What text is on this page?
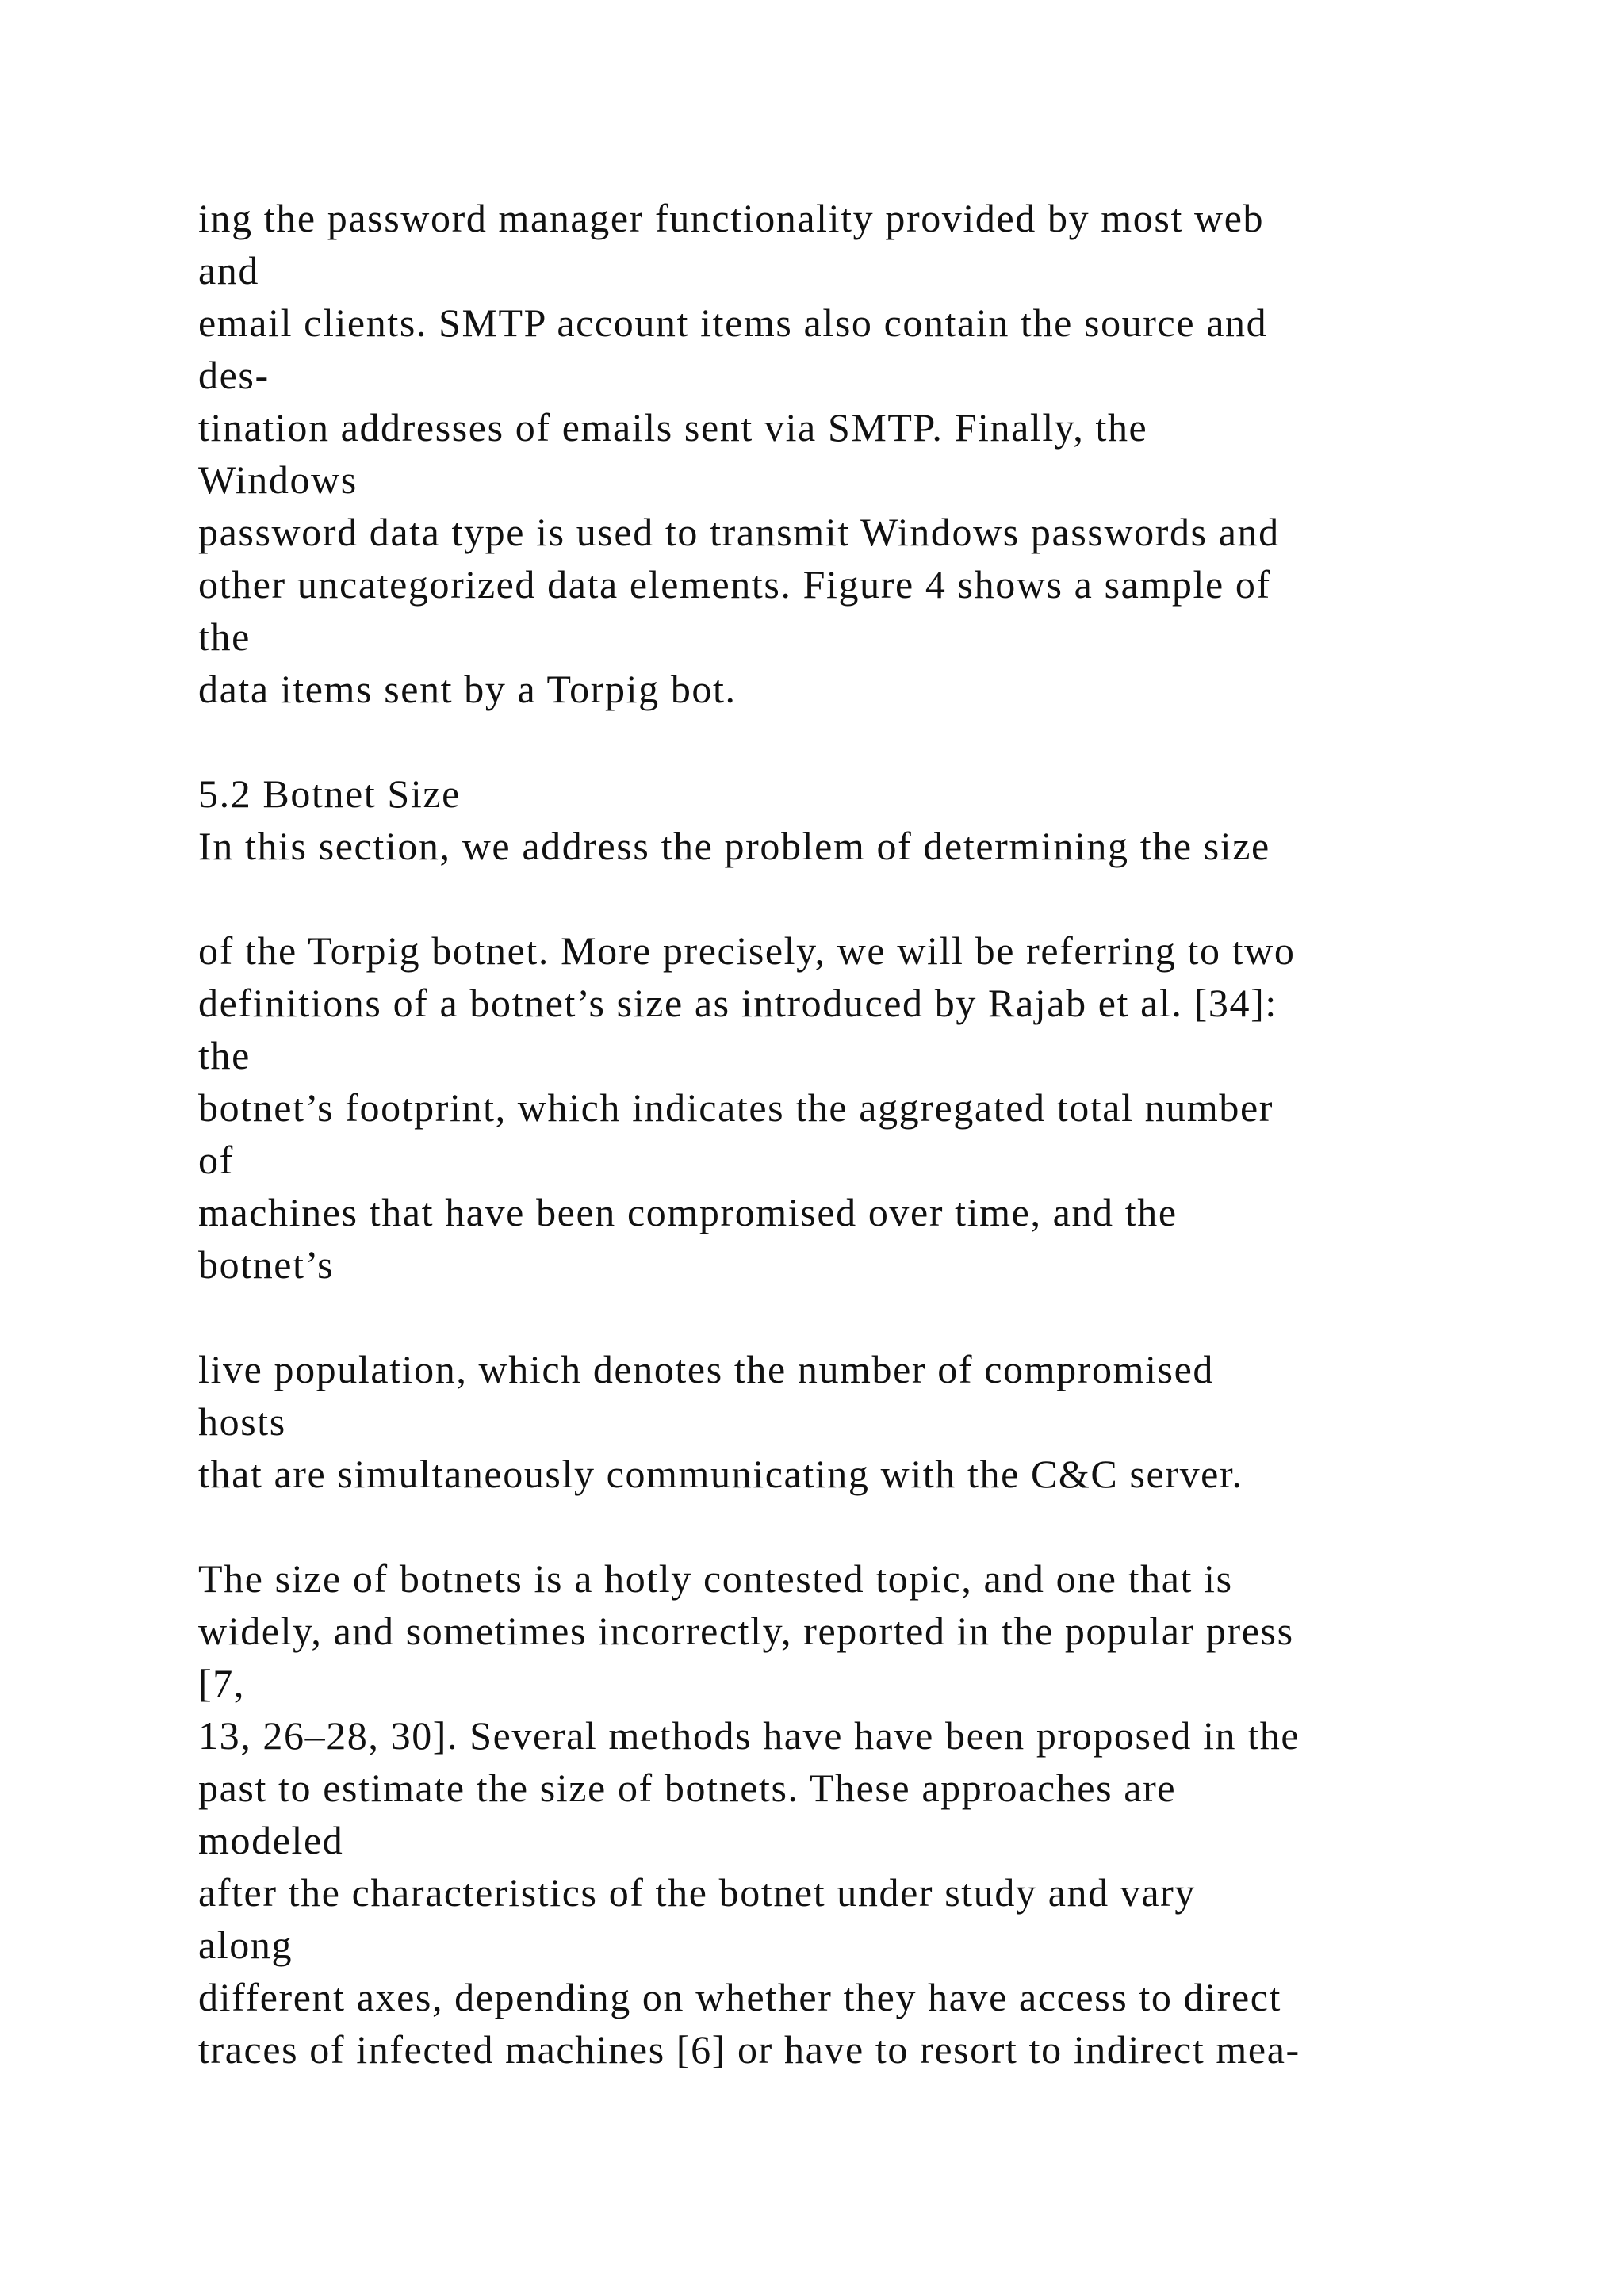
ing the password manager functionality provided by most web
and
email clients. SMTP account items also contain the source and
des-
tination addresses of emails sent via SMTP. Finally, the
Windows
password data type is used to transmit Windows passwords and
other uncategorized data elements. Figure 4 shows a sample of
the
data items sent by a Torpig bot.
5.2 Botnet Size
In this section, we address the problem of determining the size
of the Torpig botnet. More precisely, we will be referring to two
definitions of a botnet’s size as introduced by Rajab et al. [34]:
the
botnet’s footprint, which indicates the aggregated total number
of
machines that have been compromised over time, and the
botnet’s
live population, which denotes the number of compromised
hosts
that are simultaneously communicating with the C&C server.
The size of botnets is a hotly contested topic, and one that is
widely, and sometimes incorrectly, reported in the popular press
[7,
13, 26–28, 30]. Several methods have have been proposed in the
past to estimate the size of botnets. These approaches are
modeled
after the characteristics of the botnet under study and vary
along
different axes, depending on whether they have access to direct
traces of infected machines [6] or have to resort to indirect mea-
